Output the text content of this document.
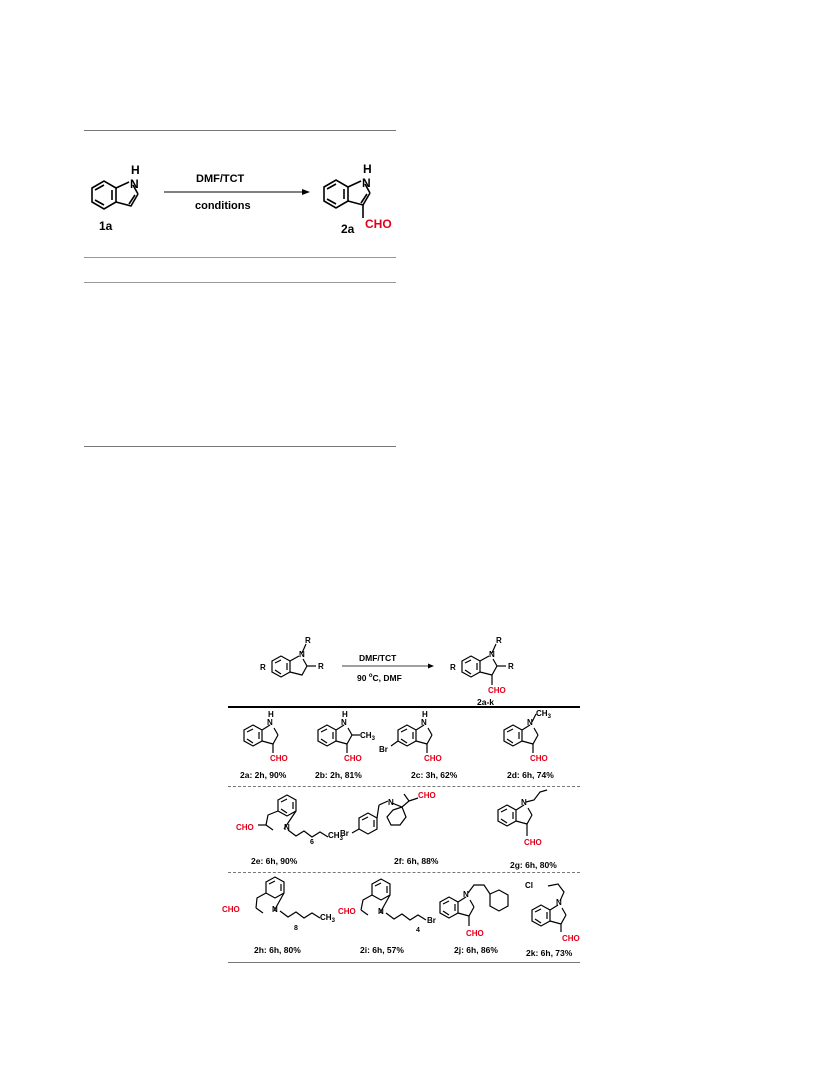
N
H
N
H
CHO
DMF/TCT
conditions
1a	2a
R
N
R
R	R
N
R
R
CHO
DMF/TCT
90 $^o$C, DMF
2a-k
N
H
CHO
N
H
$CH_3$
CHO
N
H
Br
CHO
N
$CH_3$
CHO
2a: 2h, 90%	2b: 2h, 81%	2c: 3h, 62%	2d: 6h, 74%
CHO	N
6
$CH_3$
Br
N
CHO
N
CHO
2e: 6h, 90%	2f: 6h, 88%	2g: 6h, 80%
CHO	N
8
$CH_3$
CHO	N
4
Br
N
CHO
Cl
N
CHO
2h: 6h, 80%	2i: 6h, 57%	2j: 6h, 86%	2k: 6h, 73%
